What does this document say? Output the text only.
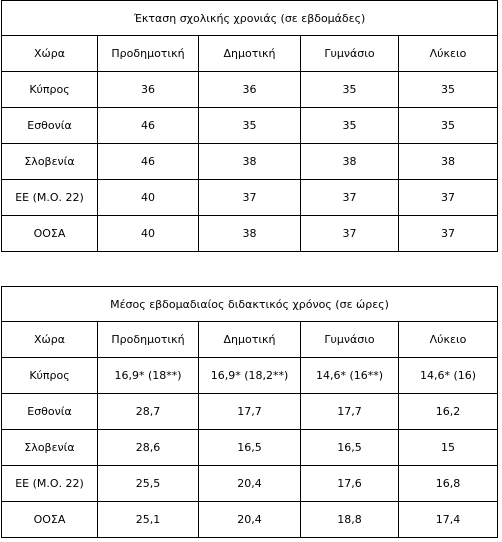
Έκταση σχολικής χρονιάς (σε εβδομάδες)				
Χώρα	Προδημοτική	Δημοτική	Γυμνάσιο	Λύκειο
Κύπρος	36	36	35	35
Εσθονία	46	35	35	35
Σλοβενία	46	38	38	38
ΕΕ (Μ.Ο. 22)	40	37	37	37
ΟΟΣΑ	40	38	37	37
Μέσος εβδομαδιαίος διδακτικός χρόνος (σε ώρες)				
Χώρα	Προδημοτική	Δημοτική	Γυμνάσιο	Λύκειο
Κύπρος	16,9* (18**)	16,9* (18,2**)	14,6* (16**)	14,6* (16)
Εσθονία	28,7	17,7	17,7	16,2
Σλοβενία	28,6	16,5	16,5	15
ΕΕ (Μ.Ο. 22)	25,5	20,4	17,6	16,8
ΟΟΣΑ	25,1	20,4	18,8	17,4
